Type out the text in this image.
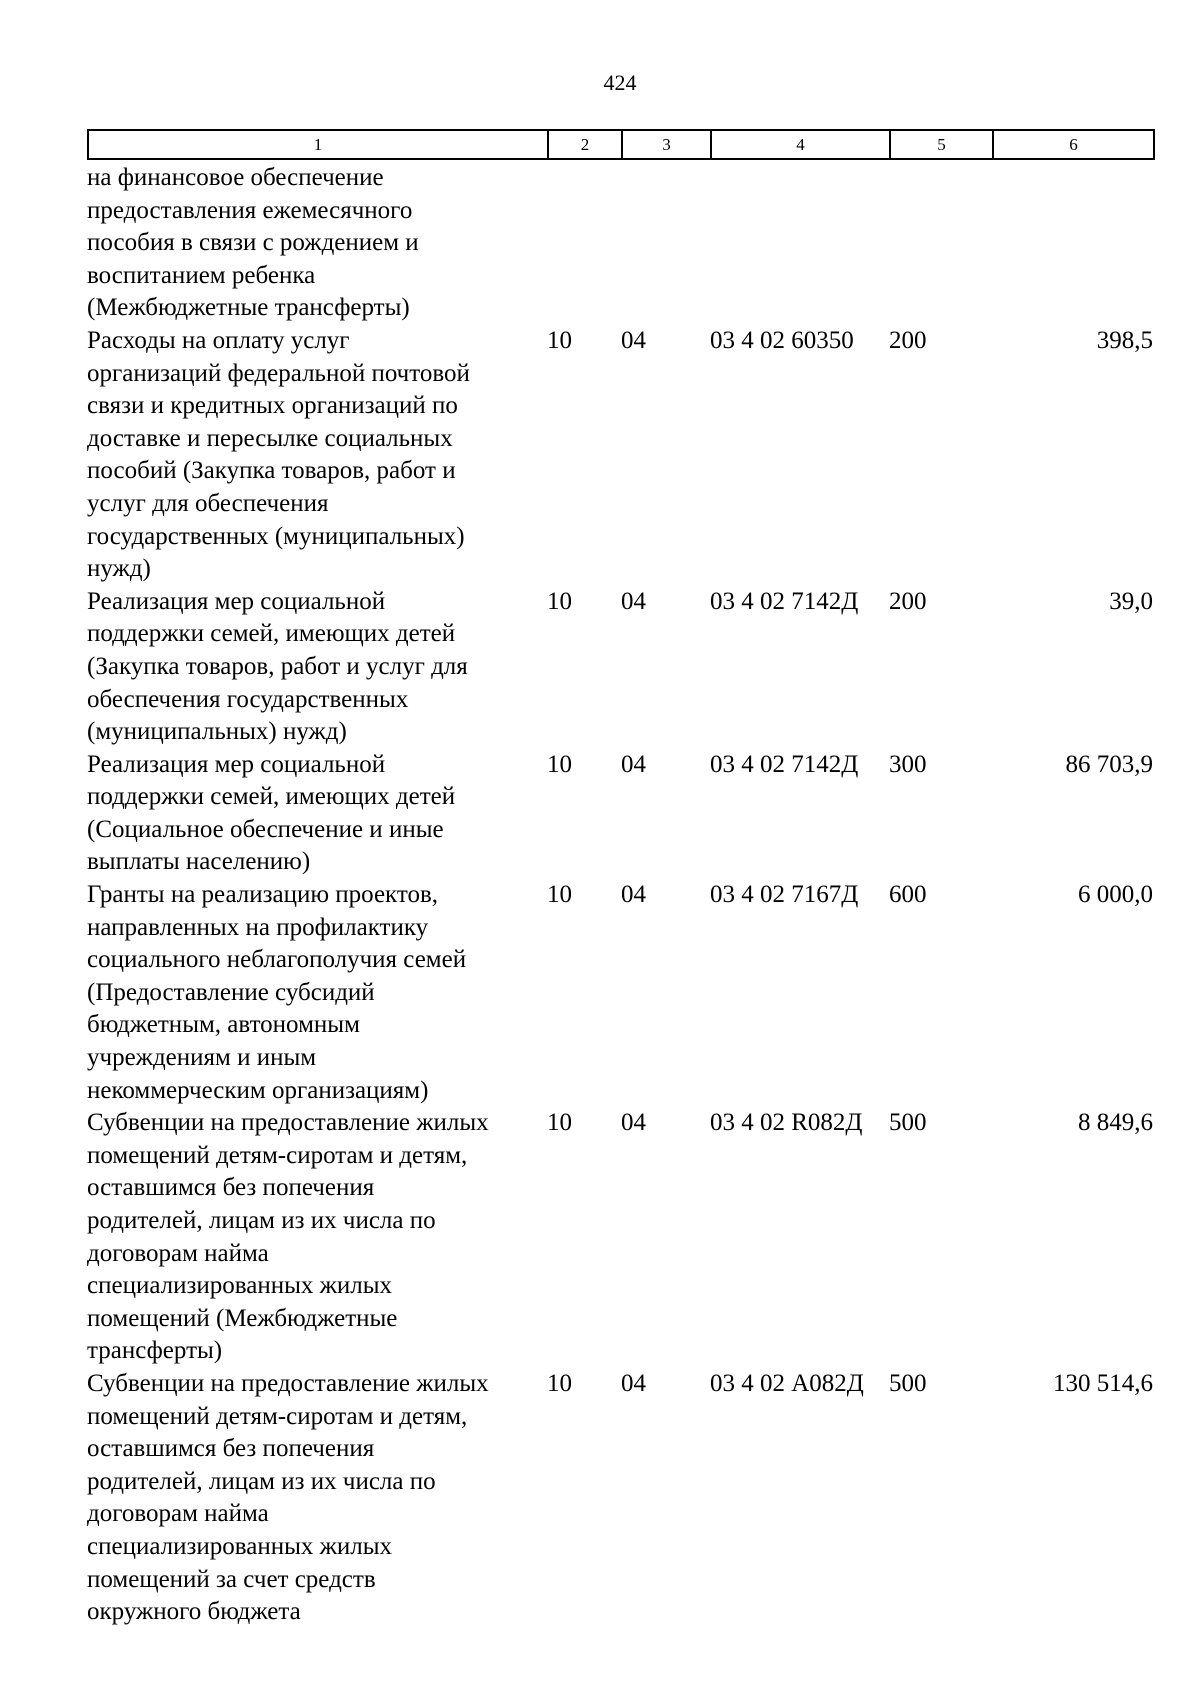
424
1	2	3	4	5	6
на финансовое обеспечение
предоставления ежемесячного
пособия в связи с рождением и
воспитанием ребенка
(Межбюджетные трансферты)
Расходы на оплату услуг
организаций федеральной почтовой
связи и кредитных организаций по
доставке и пересылке социальных
пособий (Закупка товаров, работ и
услуг для обеспечения
государственных (муниципальных)
нужд)
10	04	03 4 02 60350	200	398,5
Реализация мер социальной
поддержки семей, имеющих детей
(Закупка товаров, работ и услуг для
обеспечения государственных
(муниципальных) нужд)
10	04	03 4 02 7142Д	200	39,0
Реализация мер социальной
поддержки семей, имеющих детей
(Социальное обеспечение и иные
выплаты населению)
10	04	03 4 02 7142Д	300	86 703,9
Гранты на реализацию проектов,
направленных на профилактику
социального неблагополучия семей
(Предоставление субсидий
бюджетным, автономным
учреждениям и иным
некоммерческим организациям)
10	04	03 4 02 7167Д	600	6 000,0
Субвенции на предоставление жилых
помещений детям-сиротам и детям,
оставшимся без попечения
родителей, лицам из их числа по
договорам найма
специализированных жилых
помещений (Межбюджетные
трансферты)
10	04	03 4 02 R082Д	500	8 849,6
Субвенции на предоставление жилых
помещений детям-сиротам и детям,
оставшимся без попечения
родителей, лицам из их числа по
договорам найма
специализированных жилых
помещений за счет средств
окружного бюджета
10	04	03 4 02 А082Д	500	130 514,6
